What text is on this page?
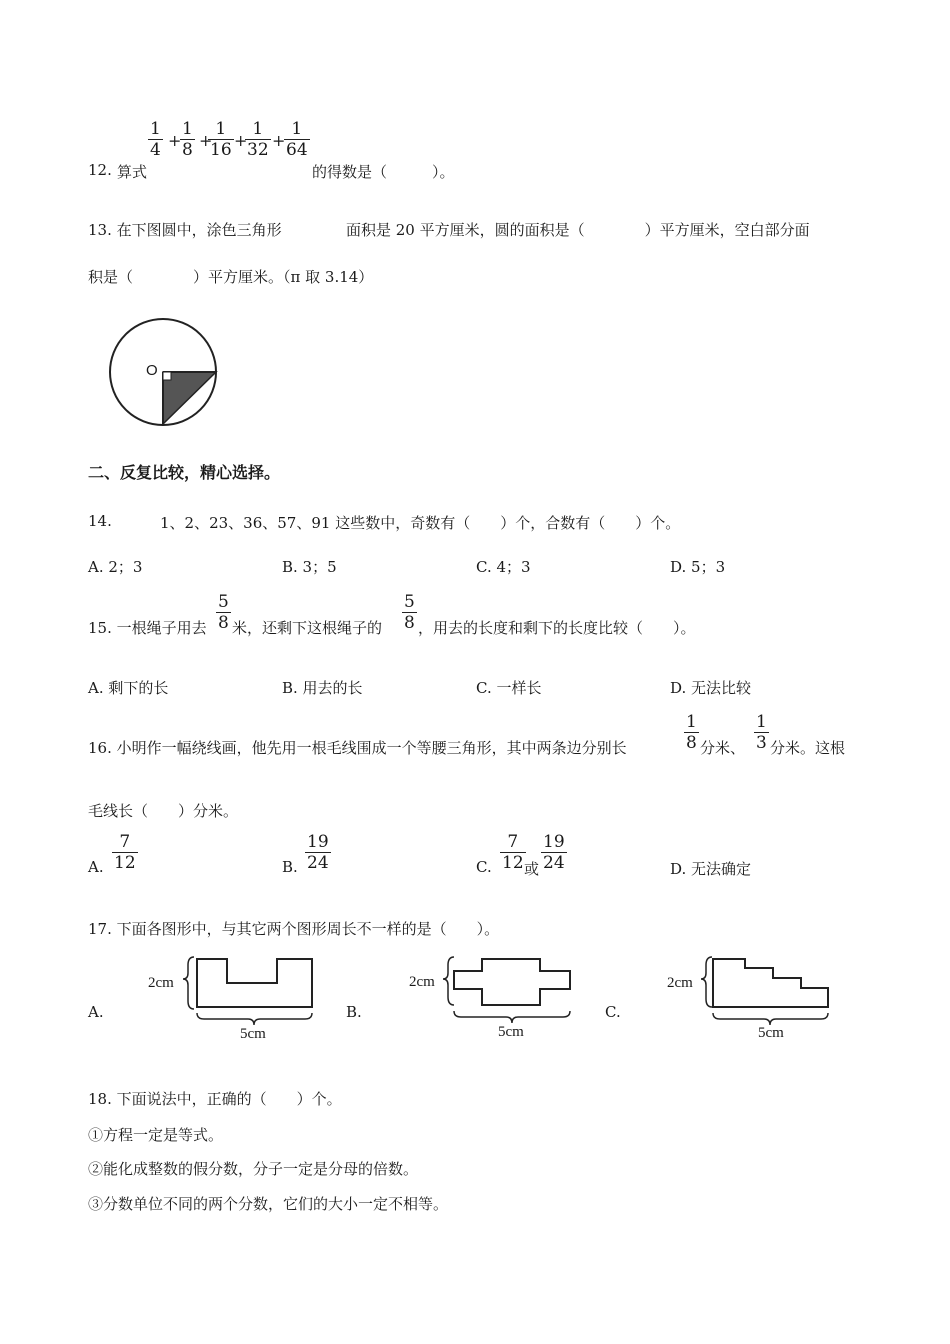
$\frac{1}{4}$ +
$\frac{1}{8}$ +
$\frac{1}{16}$ +
$\frac{1}{32}$ +
$\frac{1}{64}$
12. 算式	的得数是（　　　）。
13. 在下图圆中，涂色三角形	面积是 20 平方厘米，圆的面积是（　　　　）平方厘米，空白部分面
积是（　　　　）平方厘米。（π 取 3.14）
O
二、反复比较，精心选择。
14.	1、2、23、36、57、91 这些数中，奇数有（　　）个，合数有（　　）个。
A. 2；3	B. 3；5	C. 4；3	D. 5；3
15. 一根绳子用去 $\frac{5}{8}$ 米，还剩下这根绳子的 $\frac{5}{8}$ ，用去的长度和剩下的长度比较（　　）。
A. 剩下的长	B. 用去的长	C. 一样长	D. 无法比较
16. 小明作一幅绕线画，他先用一根毛线围成一个等腰三角形，其中两条边分别长	$\frac{1}{8}$ 分米、 $\frac{1}{3}$ 分米。这根
毛线长（　　）分米。
A. $\frac{7}{12}$	B. $\frac{19}{24}$	C. $\frac{7}{12}$
或 $\frac{19}{24}$	D. 无法确定
17. 下面各图形中，与其它两个图形周长不一样的是（　　）。
A.
2cm
5cm
B.
2cm
5cm
C.
2cm
5cm
18. 下面说法中，正确的（　　）个。
①方程一定是等式。
②能化成整数的假分数，分子一定是分母的倍数。
③分数单位不同的两个分数，它们的大小一定不相等。
